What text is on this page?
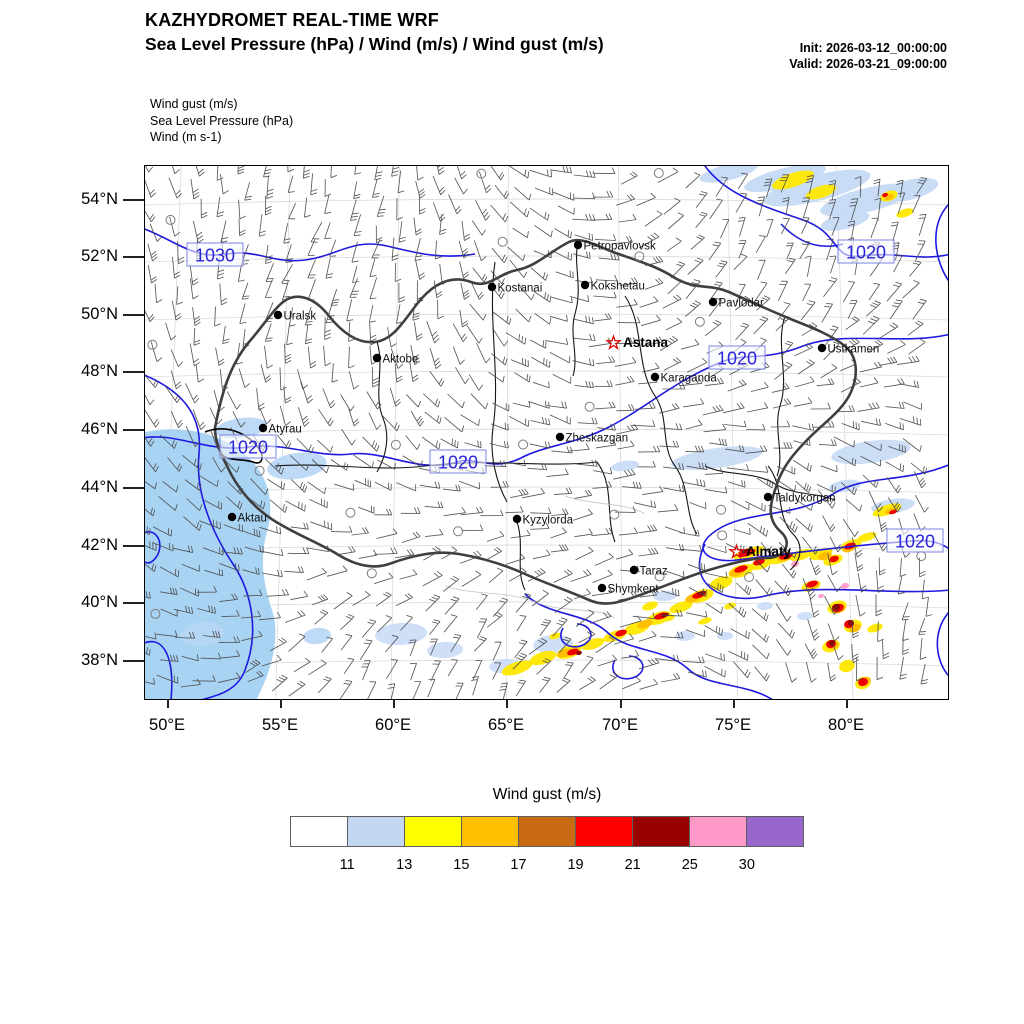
KAZHYDROMET REAL-TIME WRF
Sea Level Pressure (hPa) / Wind (m/s) / Wind gust (m/s)	Init: 2026-03-12_00:00:00
Valid: 2026-03-21_09:00:00
Wind gust (m/s)
Sea Level Pressure (hPa)
Wind (m s-1)
1030	1020
1020
1020
1020
1020
Uralsk
Aktobe
Atyrau
Aktau
Kostanai
Petropavlovsk
Kokshetau
Pavlodar
☆ Astana
Karaganda
Zheskazgan
Kyzylorda
Taraz
Shymkent
Taldykorgan
☆ Almaty
Ustkamen
54°N
52°N
50°N
48°N
46°N
44°N
42°N
40°N
38°N
50°E	55°E	60°E	65°E	70°E	75°E	80°E
Wind gust (m/s)
11	13	15	17	19	21	25	30
